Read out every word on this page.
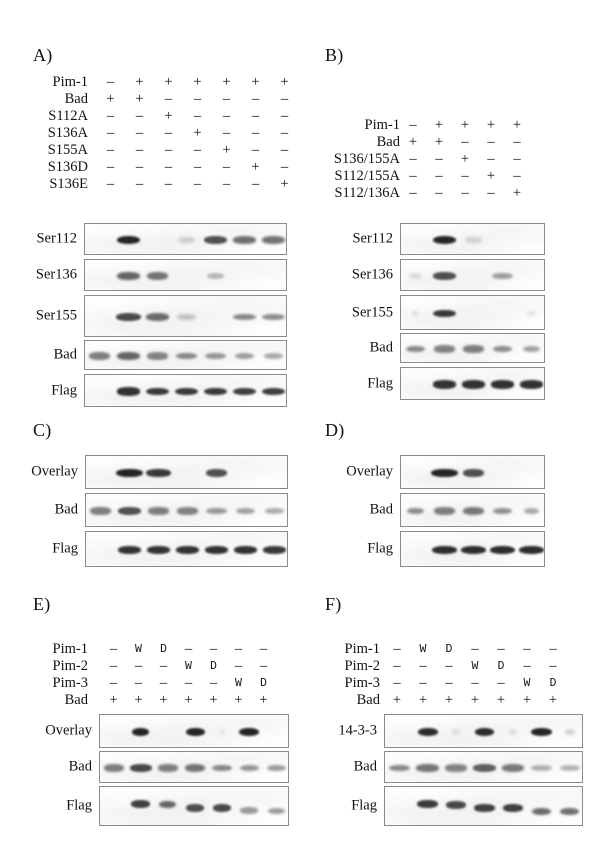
A)
Pim-1	–	+	+	+	+	+	+
Bad	+	+	–	–	–	–	–
S112A	–	–	+	–	–	–	–
S136A	–	–	–	+	–	–	–
S155A	–	–	–	–	+	–	–
S136D	–	–	–	–	–	+	–
S136E	–	–	–	–	–	–	+
Ser112
Ser136
Ser155
Bad
Flag
B)
Pim-1 –	+	+	+	+
Bad +	+	–	–	–
S136/155A –	–	+	–	–
S112/155A –	–	–	+	–
S112/136A –	–	–	–	+
Ser112
Ser136
Ser155
Bad
Flag
C)
Overlay
Bad
Flag
D)
Overlay
Bad
Flag
E)
Pim-1	–	W	D	–	–	–	–
Pim-2	–	–	–	W	D	–	–
Pim-3	–	–	–	–	–	W	D
Bad	+	+	+	+	+	+	+
Overlay
Bad
Flag
F)
Pim-1 –	W	D	–	–	–	–
Pim-2 –	–	–	W	D	–	–
Pim-3 –	–	–	–	–	W	D
Bad +	+	+	+	+	+	+
14-3-3
Bad
Flag
